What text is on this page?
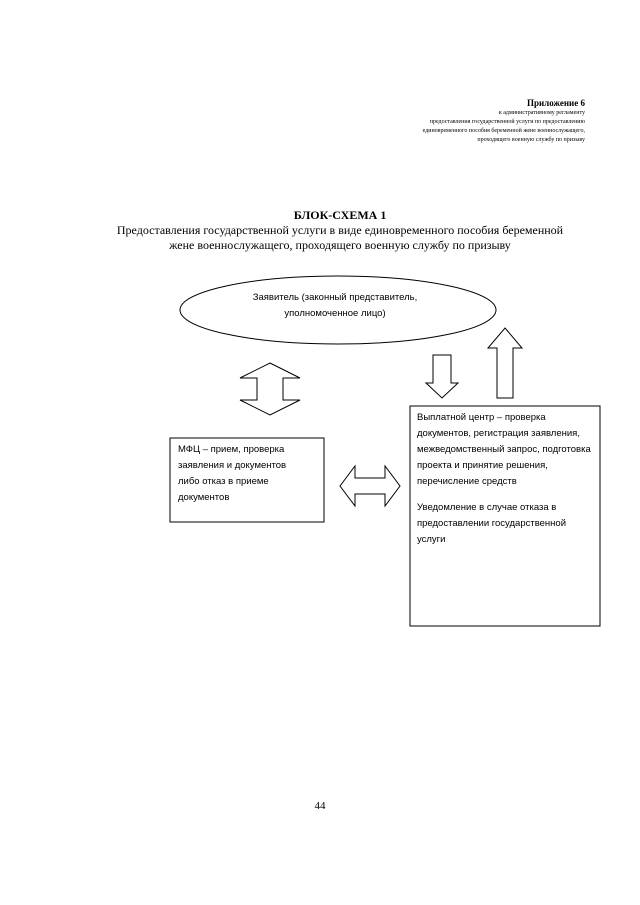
Приложение 6
к административному регламенту
предоставления государственной услуги по предоставлению
единовременного пособия беременной жене военнослужащего,
проходящего военную службу по призыву
БЛОК-СХЕМА 1
Предоставления государственной услуги в виде единовременного пособия беременной
жене военнослужащего, проходящего военную службу по призыву
Заявитель (законный представитель,
уполномоченное лицо)
МФЦ – прием, проверка
заявления и документов
либо отказ в приеме
документов

Выплатной центр – проверка документов, регистрация заявления, межведомственный запрос, подготовка проекта и принятие решения, перечисление средств

Уведомление в случае отказа в предоставлении государственной услуги

44
